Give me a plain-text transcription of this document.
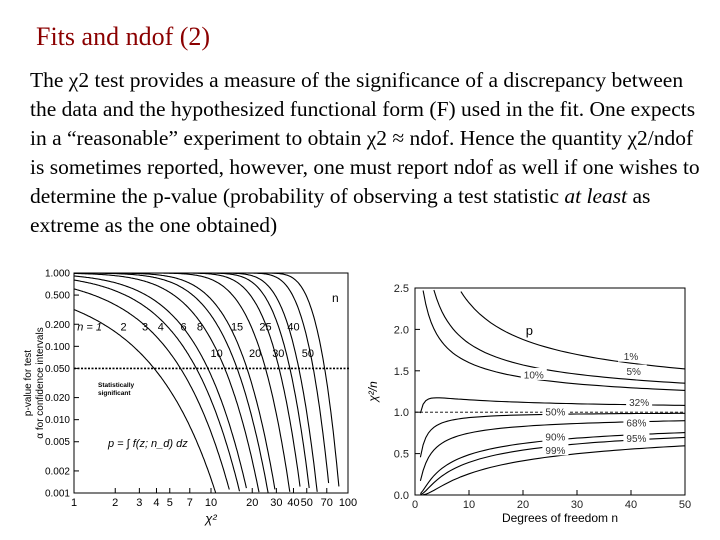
Fits and ndof (2)

The χ2 test provides a measure of the significance of a discrepancy between the data and the hypothesized functional form (F) used in the fit. One expects in a “reasonable” experiment to obtain χ2 ≈ ndof. Hence the quantity χ2/ndof is sometimes reported, however, one must report ndof as well if one wishes to determine the p-value (probability of observing a test statistic at least as extreme as the one obtained)

1.000
0.500
0.200
0.100
0.050
0.020
0.010
0.005
0.002
0.001
1	2 3 4 5 7 10	20 30 40 50 70 100
n = 1 2 3 4 6 8	15 25 40
10 20 30 50
n
Statistically
significant
p = ∫ f(z; n_d) dz
p-value for test α for confidence intervals
χ²
0.0
0.5
1.0
1.5
2.0
2.5
0	10	20	30	40	50
1%
5%
10%
32%
50%
68%
90%	95%
99%
p
χ²/n
Degrees of freedom n
